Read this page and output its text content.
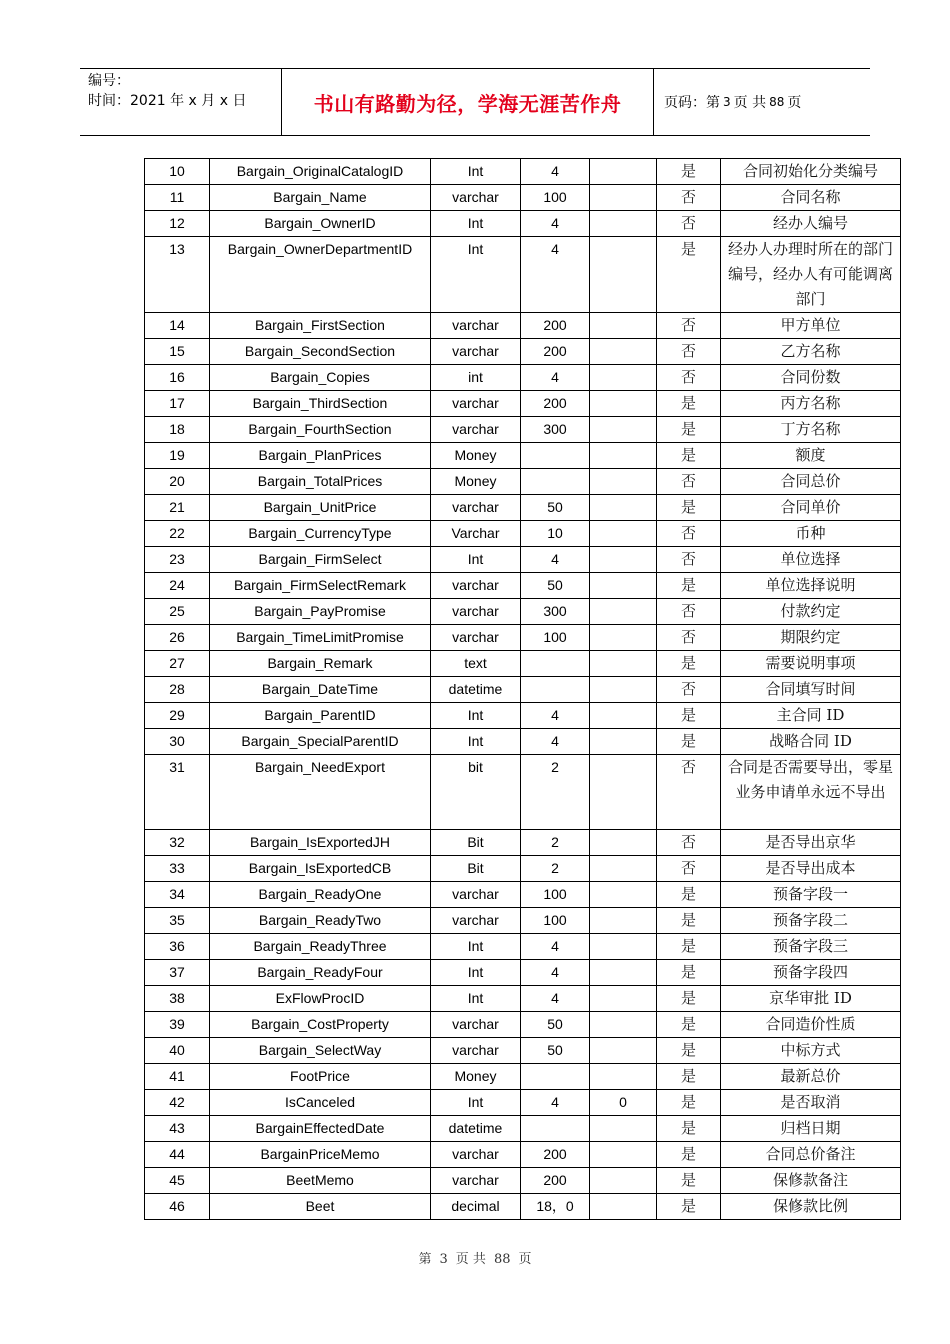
编号：
时间：2021 年 x 月 x 日	书山有路勤为径，学海无涯苦作舟	页码：第 3 页 共 88 页
10	Bargain_OriginalCatalogID	Int	4		是	合同初始化分类编号
11	Bargain_Name	varchar	100		否	合同名称
12	Bargain_OwnerID	Int	4		否	经办人编号
13	Bargain_OwnerDepartmentID	Int	4		是	经办人办理时所在的部门编号，经办人有可能调离部门
14	Bargain_FirstSection	varchar	200		否	甲方单位
15	Bargain_SecondSection	varchar	200		否	乙方名称
16	Bargain_Copies	int	4		否	合同份数
17	Bargain_ThirdSection	varchar	200		是	丙方名称
18	Bargain_FourthSection	varchar	300		是	丁方名称
19	Bargain_PlanPrices	Money			是	额度
20	Bargain_TotalPrices	Money			否	合同总价
21	Bargain_UnitPrice	varchar	50		是	合同单价
22	Bargain_CurrencyType	Varchar	10		否	币种
23	Bargain_FirmSelect	Int	4		否	单位选择
24	Bargain_FirmSelectRemark	varchar	50		是	单位选择说明
25	Bargain_PayPromise	varchar	300		否	付款约定
26	Bargain_TimeLimitPromise	varchar	100		否	期限约定
27	Bargain_Remark	text			是	需要说明事项
28	Bargain_DateTime	datetime			否	合同填写时间
29	Bargain_ParentID	Int	4		是	主合同 ID
30	Bargain_SpecialParentID	Int	4		是	战略合同 ID
31	Bargain_NeedExport	bit	2		否	合同是否需要导出，零星业务申请单永远不导出
32	Bargain_IsExportedJH	Bit	2		否	是否导出京华
33	Bargain_IsExportedCB	Bit	2		否	是否导出成本
34	Bargain_ReadyOne	varchar	100		是	预备字段一
35	Bargain_ReadyTwo	varchar	100		是	预备字段二
36	Bargain_ReadyThree	Int	4		是	预备字段三
37	Bargain_ReadyFour	Int	4		是	预备字段四
38	ExFlowProcID	Int	4		是	京华审批 ID
39	Bargain_CostProperty	varchar	50		是	合同造价性质
40	Bargain_SelectWay	varchar	50		是	中标方式
41	FootPrice	Money			是	最新总价
42	IsCanceled	Int	4	0	是	是否取消
43	BargainEffectedDate	datetime			是	归档日期
44	BargainPriceMemo	varchar	200		是	合同总价备注
45	BeetMemo	varchar	200		是	保修款备注
46	Beet	decimal	18，0		是	保修款比例
第 3 页 共 88 页
